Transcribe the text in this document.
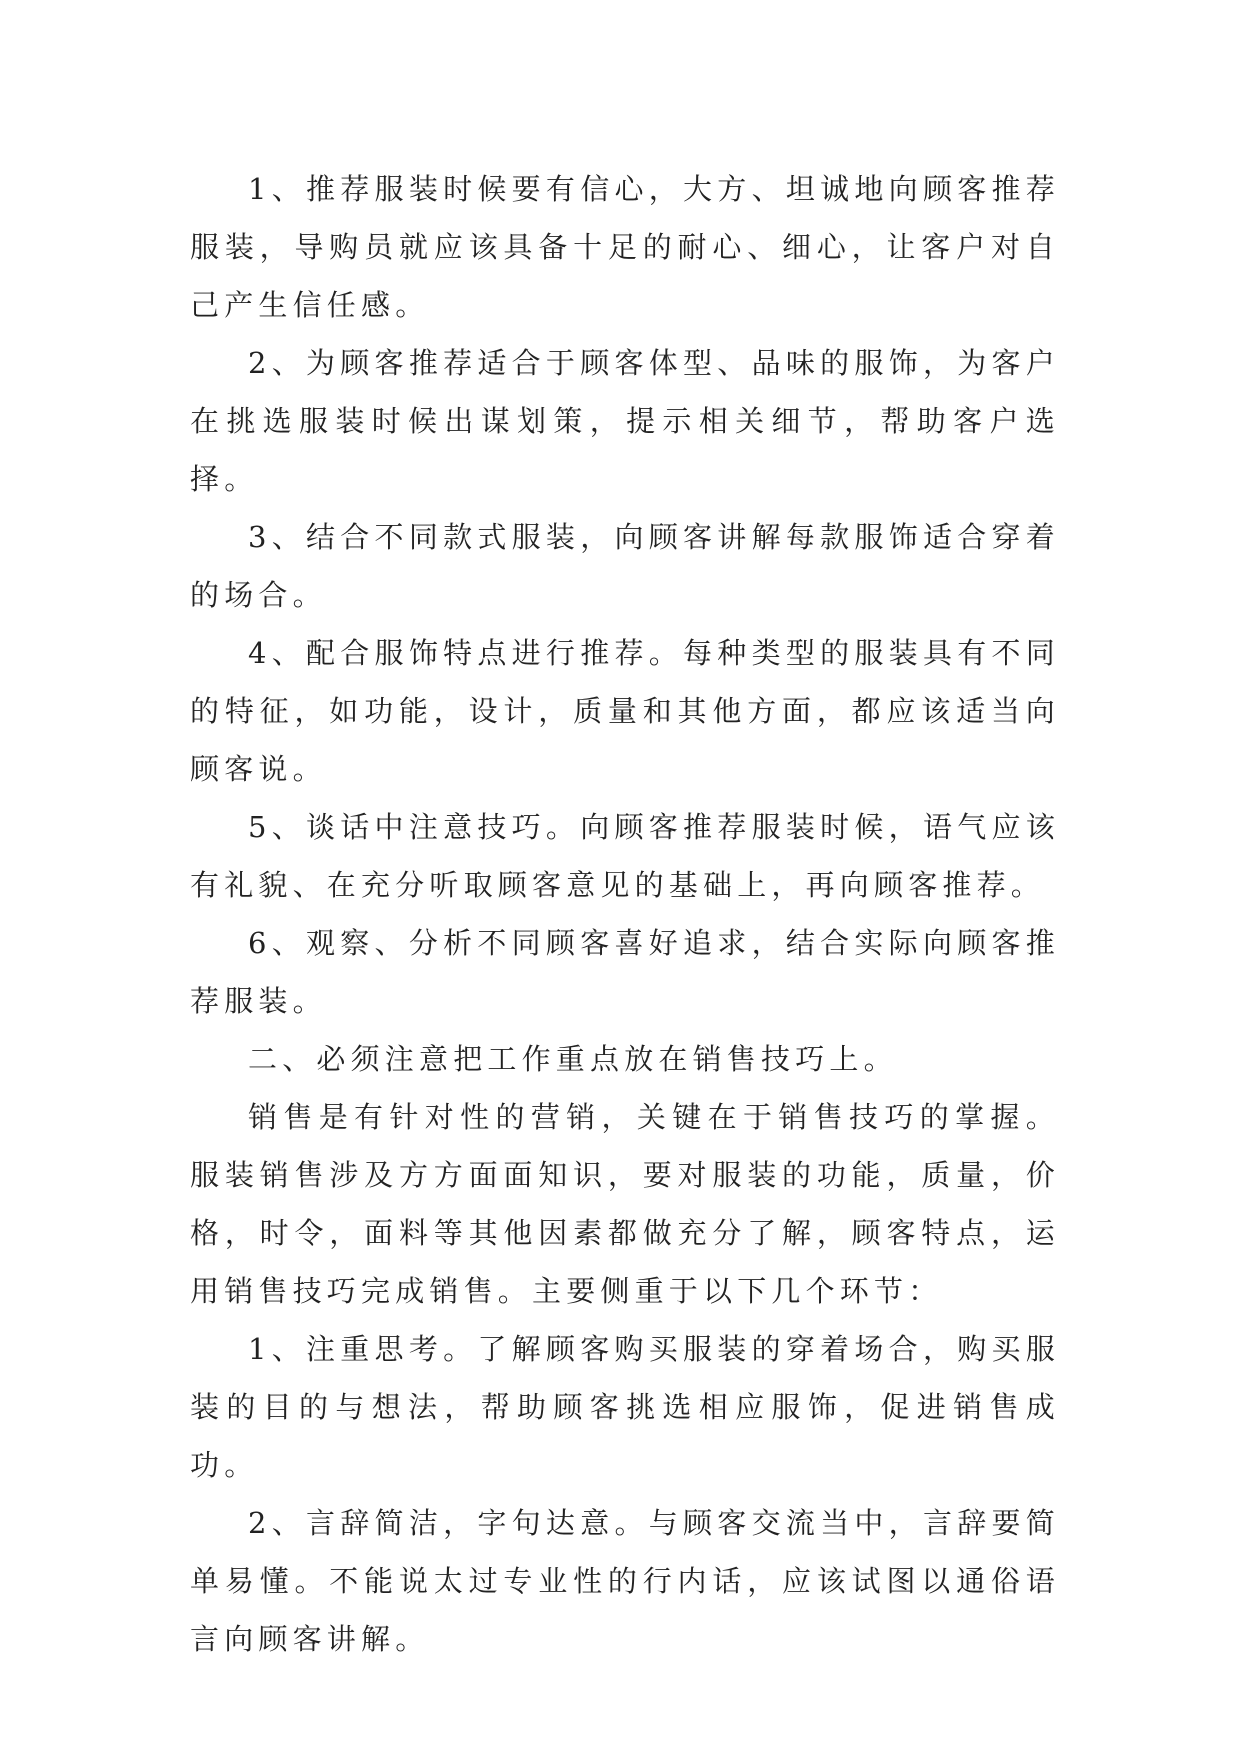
1、推荐服装时候要有信心，大方、坦诚地向顾客推荐服装，导购员就应该具备十足的耐心、细心，让客户对自己产生信任感。

2、为顾客推荐适合于顾客体型、品味的服饰，为客户在挑选服装时候出谋划策，提示相关细节，帮助客户选择。

3、结合不同款式服装，向顾客讲解每款服饰适合穿着的场合。

4、配合服饰特点进行推荐。每种类型的服装具有不同的特征，如功能，设计，质量和其他方面，都应该适当向顾客说。

5、谈话中注意技巧。向顾客推荐服装时候，语气应该有礼貌、在充分听取顾客意见的基础上，再向顾客推荐。

6、观察、分析不同顾客喜好追求，结合实际向顾客推荐服装。

二、必须注意把工作重点放在销售技巧上。

销售是有针对性的营销，关键在于销售技巧的掌握。服装销售涉及方方面面知识，要对服装的功能，质量，价格，时令，面料等其他因素都做充分了解，顾客特点，运用销售技巧完成销售。主要侧重于以下几个环节：

1、注重思考。了解顾客购买服装的穿着场合，购买服装的目的与想法，帮助顾客挑选相应服饰，促进销售成功。

2、言辞简洁，字句达意。与顾客交流当中，言辞要简单易懂。不能说太过专业性的行内话，应该试图以通俗语言向顾客讲解。
